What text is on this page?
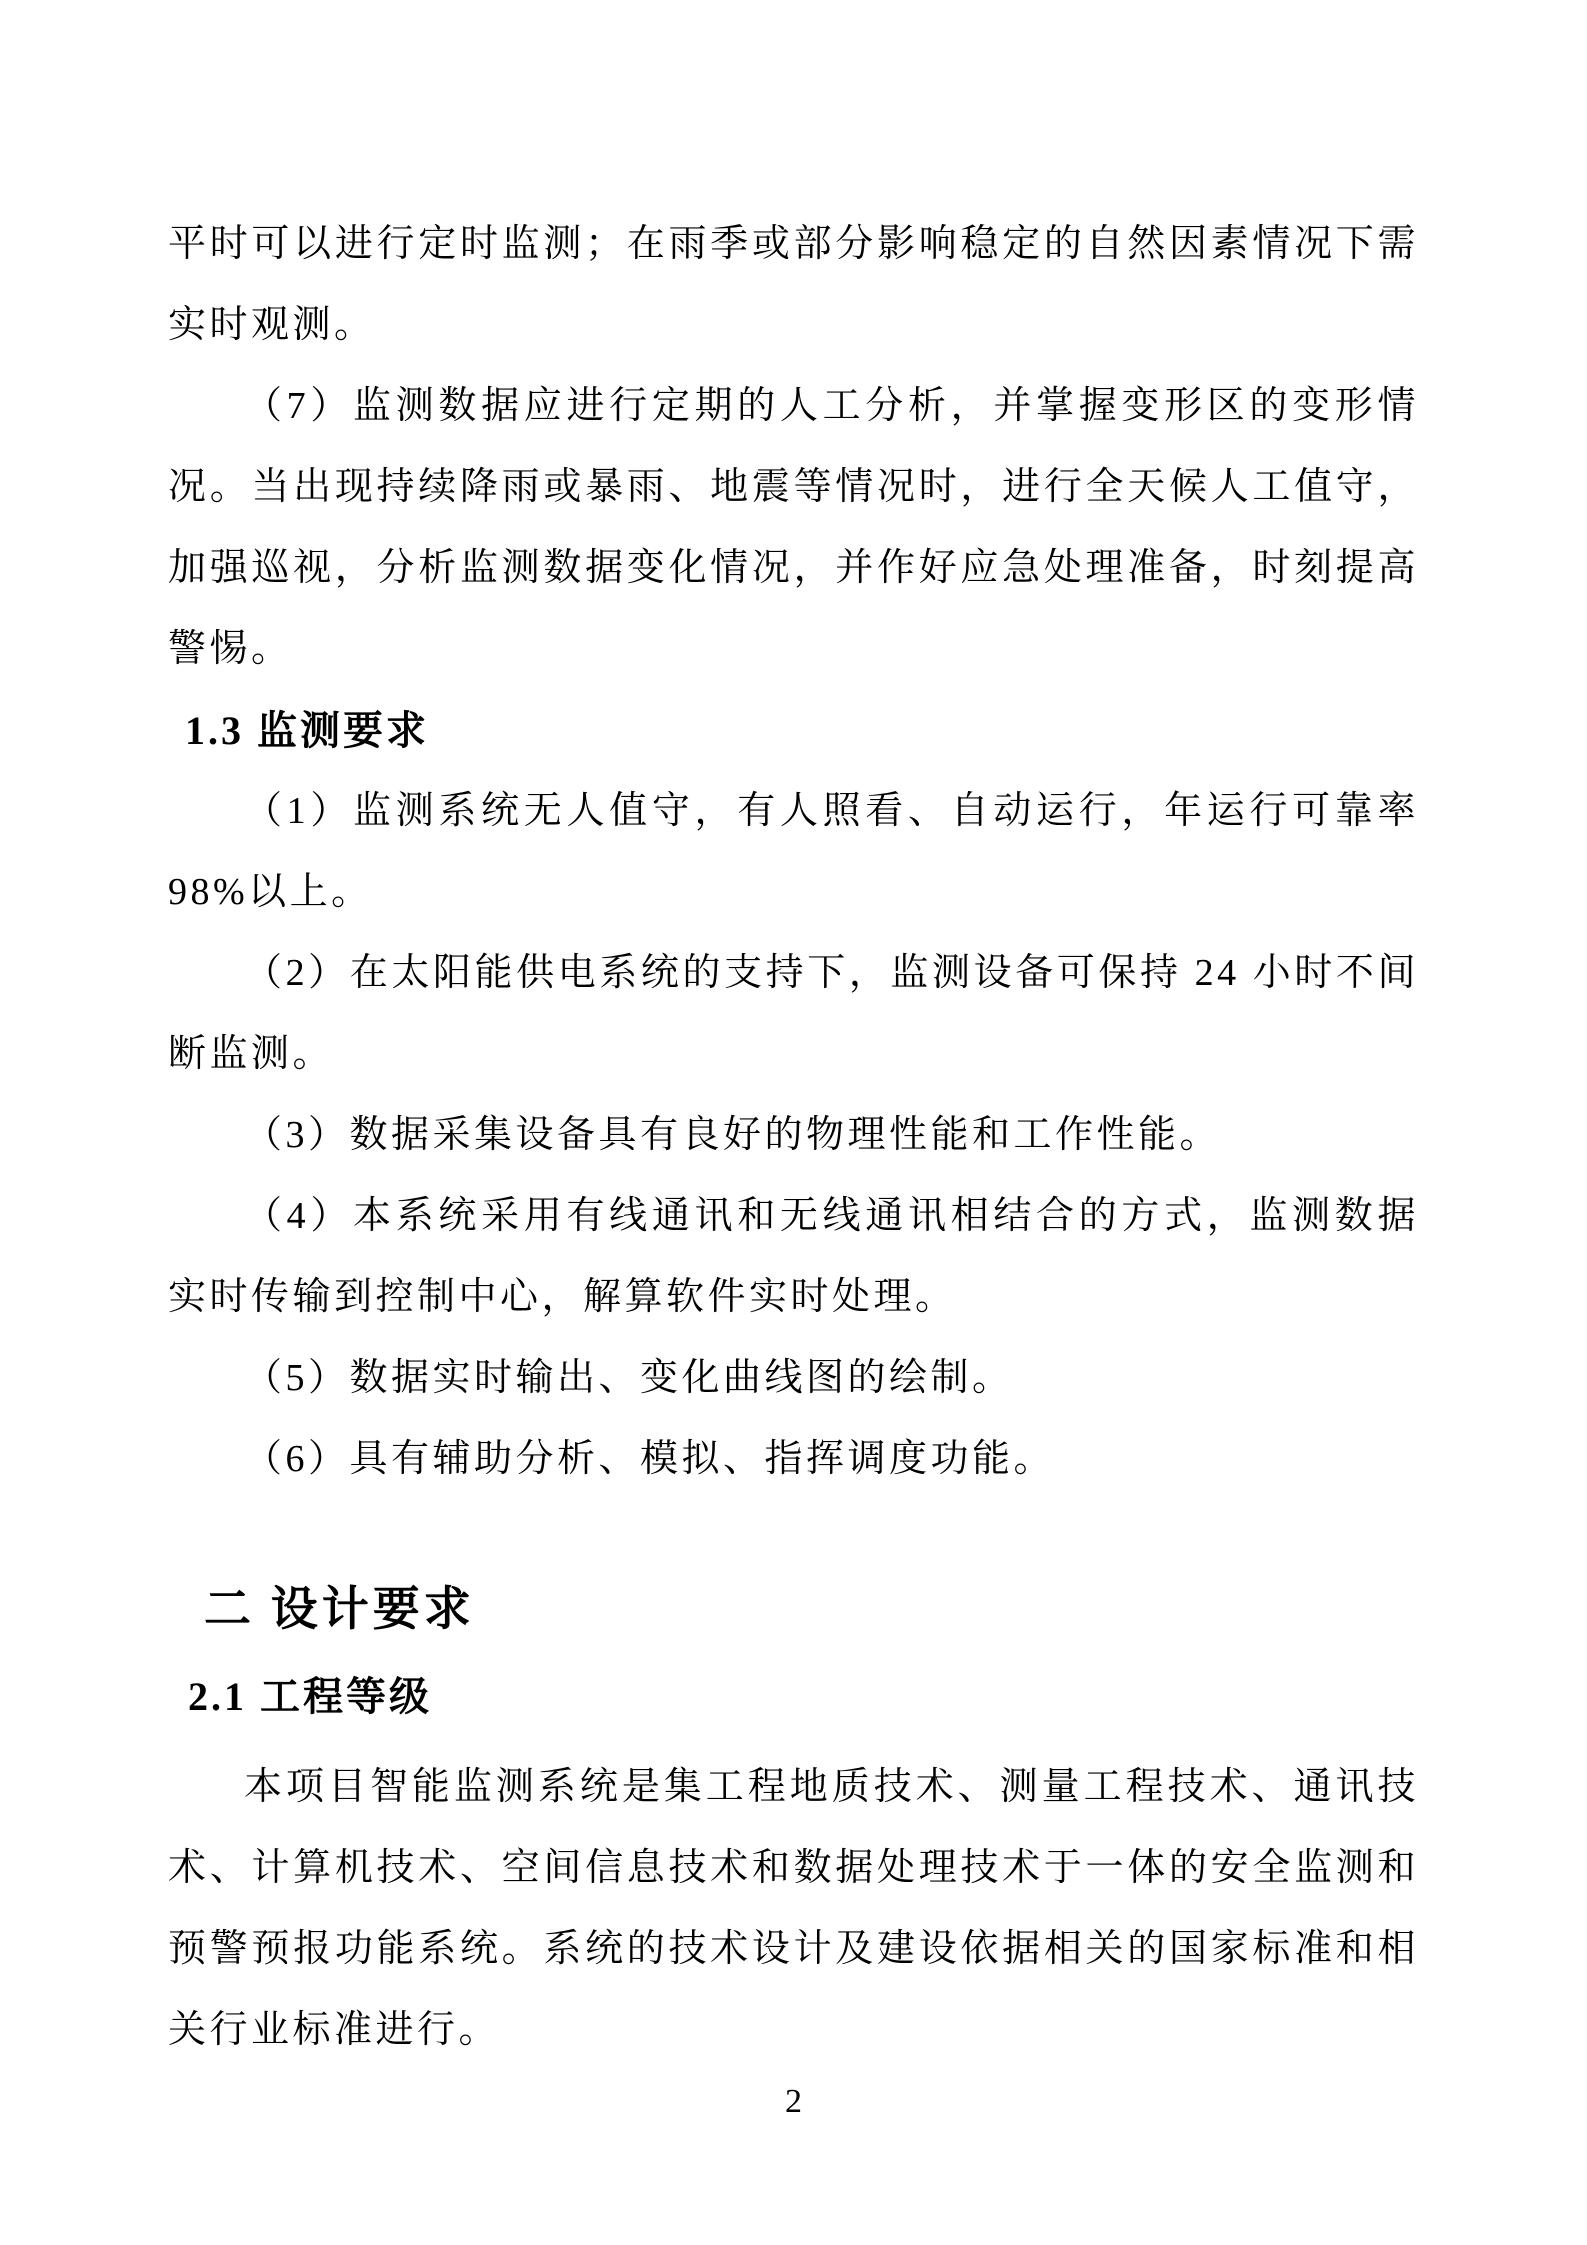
平时可以进行定时监测；在雨季或部分影响稳定的自然因素情况下需实时观测。

（7）监测数据应进行定期的人工分析，并掌握变形区的变形情况。当出现持续降雨或暴雨、地震等情况时，进行全天候人工值守，加强巡视，分析监测数据变化情况，并作好应急处理准备，时刻提高警惕。

1.3 监测要求

（1）监测系统无人值守，有人照看、自动运行，年运行可靠率98%以上。

（2）在太阳能供电系统的支持下，监测设备可保持 24 小时不间断监测。

（3）数据采集设备具有良好的物理性能和工作性能。

（4）本系统采用有线通讯和无线通讯相结合的方式，监测数据实时传输到控制中心，解算软件实时处理。

（5）数据实时输出、变化曲线图的绘制。

（6）具有辅助分析、模拟、指挥调度功能。

二 设计要求
2.1 工程等级

本项目智能监测系统是集工程地质技术、测量工程技术、通讯技术、计算机技术、空间信息技术和数据处理技术于一体的安全监测和预警预报功能系统。系统的技术设计及建设依据相关的国家标准和相关行业标准进行。

2
